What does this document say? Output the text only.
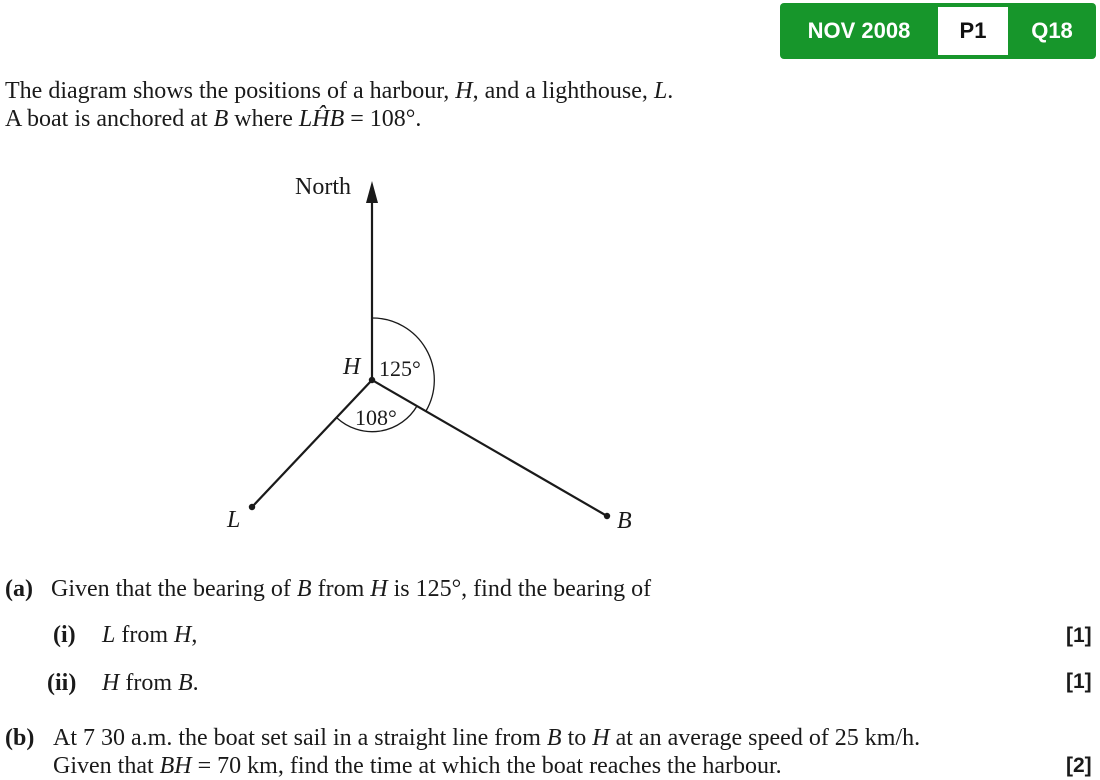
NOV 2008	P1	Q18
The diagram shows the positions of a harbour, H, and a lighthouse, L.
A boat is anchored at B where LĤB = 108°.
North
H 125°
108°
L	B
(a) Given that the bearing of B from H is 125°, find the bearing of
(i) L from H,	[1]
(ii) H from B.	[1]
(b) At 7 30 a.m. the boat set sail in a straight line from B to H at an average speed of 25 km/h.
Given that BH = 70 km, find the time at which the boat reaches the harbour.	[2]
